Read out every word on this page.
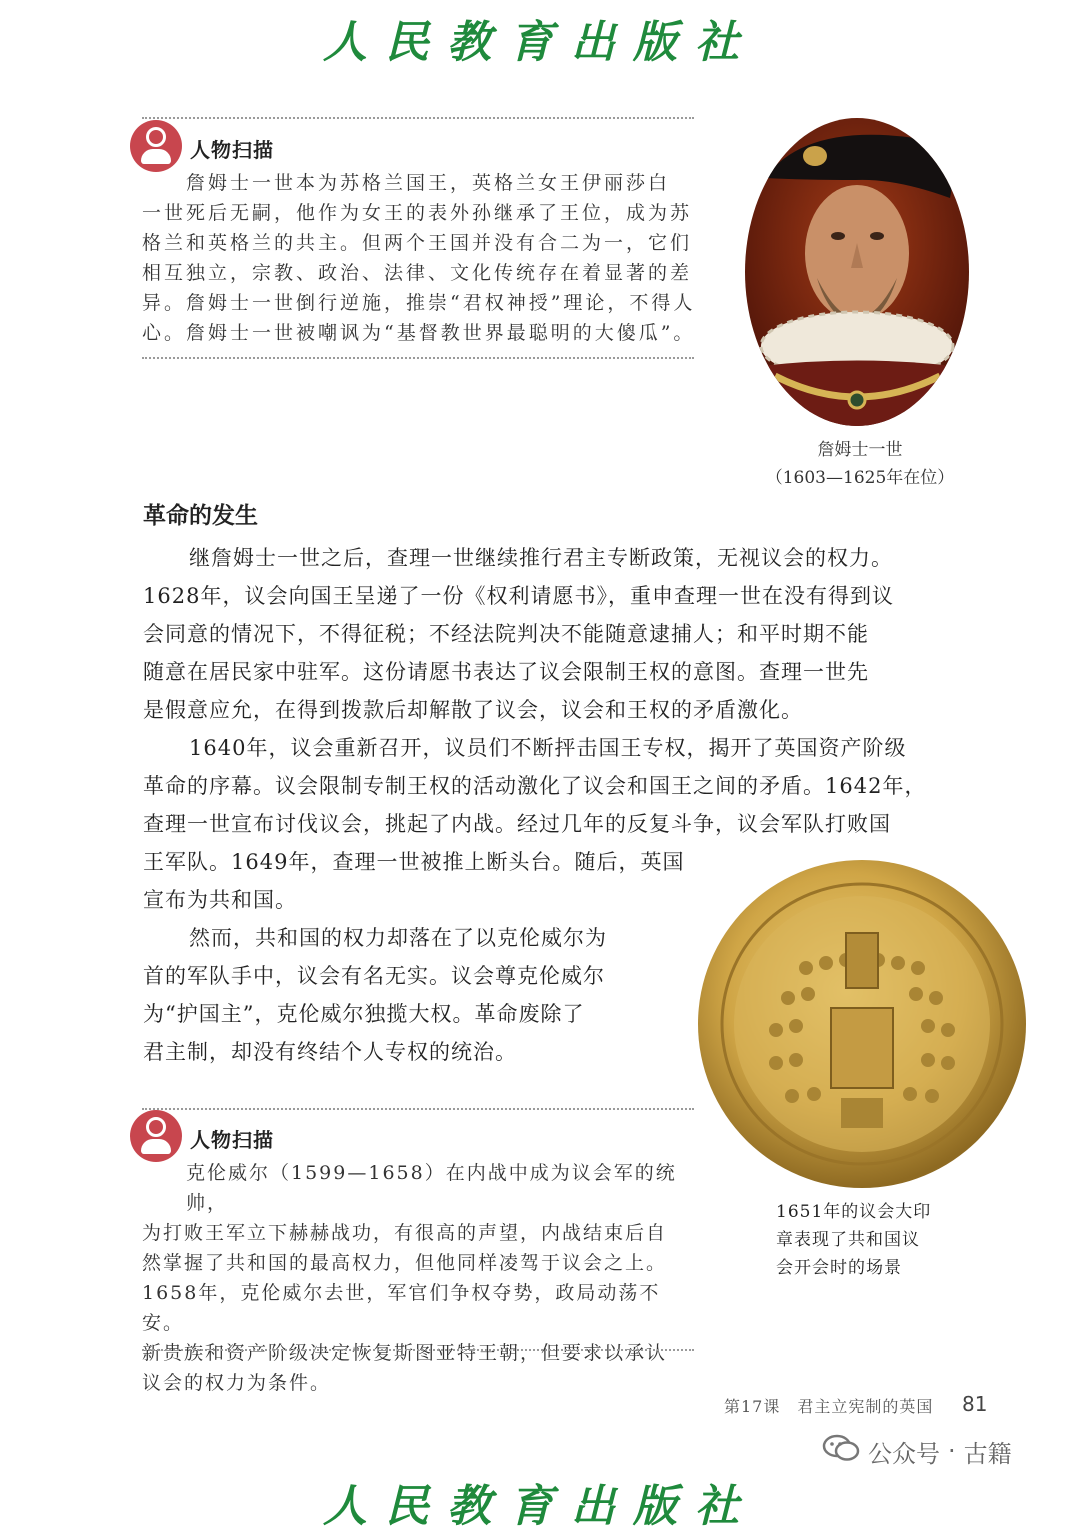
人民教育出版社
人物扫描

詹姆士一世本为苏格兰国王，英格兰女王伊丽莎白

一世死后无嗣，他作为女王的表外孙继承了王位，成为苏

格兰和英格兰的共主。但两个王国并没有合二为一，它们

相互独立，宗教、政治、法律、文化传统存在着显著的差

异。詹姆士一世倒行逆施，推崇“君权神授”理论，不得人

心。詹姆士一世被嘲讽为“基督教世界最聪明的大傻瓜”。

詹姆士一世
（1603—1625年在位）
革命的发生

继詹姆士一世之后，查理一世继续推行君主专断政策，无视议会的权力。

1628年，议会向国王呈递了一份《权利请愿书》，重申查理一世在没有得到议

会同意的情况下，不得征税；不经法院判决不能随意逮捕人；和平时期不能

随意在居民家中驻军。这份请愿书表达了议会限制王权的意图。查理一世先

是假意应允，在得到拨款后却解散了议会，议会和王权的矛盾激化。

1640年，议会重新召开，议员们不断抨击国王专权，揭开了英国资产阶级

革命的序幕。议会限制专制王权的活动激化了议会和国王之间的矛盾。1642年，

查理一世宣布讨伐议会，挑起了内战。经过几年的反复斗争，议会军队打败国

王军队。1649年，查理一世被推上断头台。随后，英国

宣布为共和国。

然而，共和国的权力却落在了以克伦威尔为

首的军队手中，议会有名无实。议会尊克伦威尔

为“护国主”，克伦威尔独揽大权。革命废除了

君主制，却没有终结个人专权的统治。

1651年的议会大印

章表现了共和国议

会开会时的场景

人物扫描

克伦威尔（1599—1658）在内战中成为议会军的统帅，

为打败王军立下赫赫战功，有很高的声望，内战结束后自

然掌握了共和国的最高权力，但他同样凌驾于议会之上。

1658年，克伦威尔去世，军官们争权夺势，政局动荡不安。

新贵族和资产阶级决定恢复斯图亚特王朝，但要求以承认

议会的权力为条件。

第17课　君主立宪制的英国 81
人民教育出版社
公众号 · 古籍
